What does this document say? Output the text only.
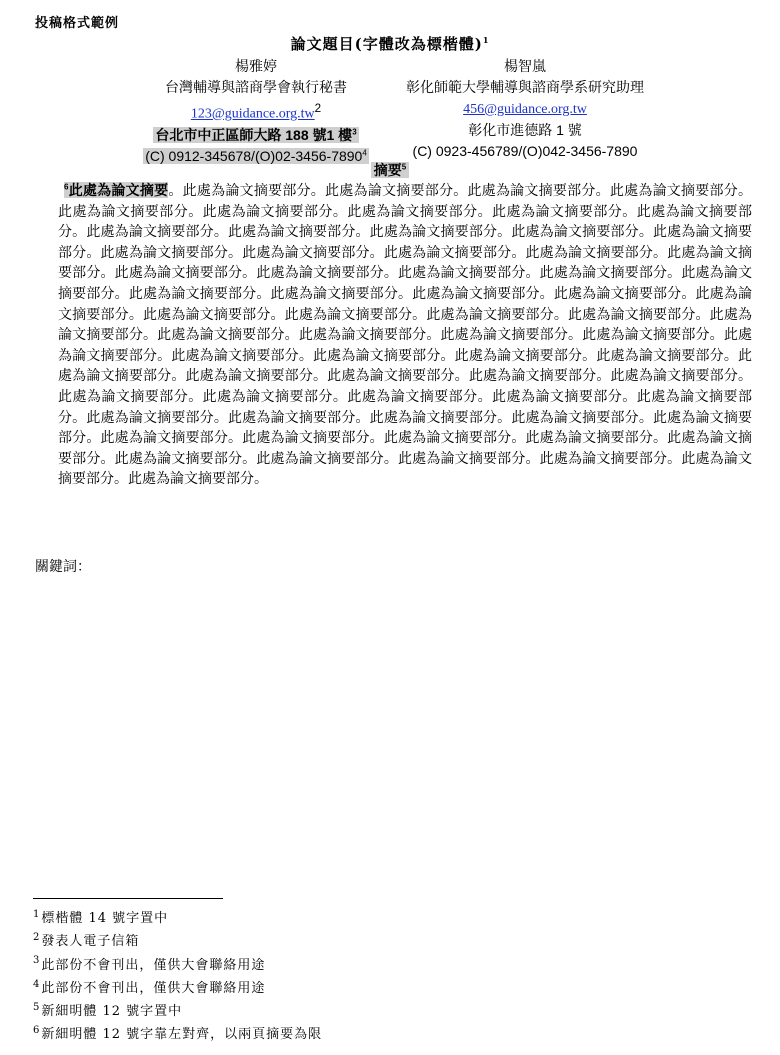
投稿格式範例
論文題目(字體改為標楷體)$^1$
楊雅婷
台灣輔導與諮商學會執行秘書
$123@guidance.org.tw^2$
台北市中正區師大路 188 號1 樓$^3$
(C) 0912-345678/(O)02-3456-7890$^4$
楊智嵐
彰化師範大學輔導與諮商學系研究助理
456@guidance.org.tw
彰化市進德路 1 號
(C) 0923-456789/(O)042-3456-7890
摘要$^5$
$^6$此處為論文摘要。此處為論文摘要部分。此處為論文摘要部分。此處為論文摘要部分。此處為論文摘要部分。此處為論文摘要部分。此處為論文摘要部分。此處為論文摘要部分。此處為論文摘要部分。此處為論文摘要部分。此處為論文摘要部分。此處為論文摘要部分。此處為論文摘要部分。此處為論文摘要部分。此處為論文摘要部分。此處為論文摘要部分。此處為論文摘要部分。此處為論文摘要部分。此處為論文摘要部分。此處為論文摘要部分。此處為論文摘要部分。此處為論文摘要部分。此處為論文摘要部分。此處為論文摘要部分。此處為論文摘要部分。此處為論文摘要部分。此處為論文摘要部分。此處為論文摘要部分。此處為論文摘要部分。此處為論文摘要部分。此處為論文摘要部分。此處為論文摘要部分。此處為論文摘要部分。此處為論文摘要部分。此處為論文摘要部分。此處為論文摘要部分。此處為論文摘要部分。此處為論文摘要部分。此處為論文摘要部分。此處為論文摘要部分。此處為論文摘要部分。此處為論文摘要部分。此處為論文摘要部分。此處為論文摘要部分。此處為論文摘要部分。此處為論文摘要部分。此處為論文摘要部分。此處為論文摘要部分。此處為論文摘要部分。此處為論文摘要部分。此處為論文摘要部分。此處為論文摘要部分。此處為論文摘要部分。此處為論文摘要部分。此處為論文摘要部分。此處為論文摘要部分。此處為論文摘要部分。此處為論文摘要部分。此處為論文摘要部分。此處為論文摘要部分。此處為論文摘要部分。此處為論文摘要部分。此處為論文摘要部分。此處為論文摘要部分。此處為論文摘要部分。此處為論文摘要部分。此處為論文摘要部分。此處為論文摘要部分。此處為論文摘要部分。此處為論文摘要部分。
關鍵詞：
$^1$標楷體 14 號字置中
$^2$發表人電子信箱
$^3$此部份不會刊出，僅供大會聯絡用途
$^4$此部份不會刊出，僅供大會聯絡用途
$^5$新細明體 12 號字置中
$^6$新細明體 12 號字靠左對齊，以兩頁摘要為限
